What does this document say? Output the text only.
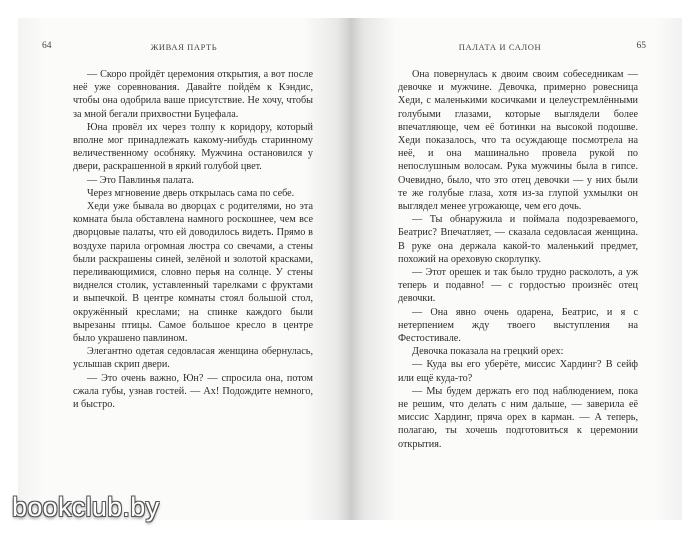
64	ЖИВАЯ ПАРТЬ

— Скоро пройдёт церемония открытия, а вот после неё уже соревнования. Давайте пойдём к Кэндис, чтобы она одобрила ваше присутствие. Не хочу, чтобы за мной бегали прихвостни Буцефала.

Юна провёл их через толпу к коридору, который вполне мог принадлежать какому-нибудь старинному величественному особняку. Мужчина остановился у двери, раскрашенной в яркий голубой цвет.

— Это Павлинья палата.

Через мгновение дверь открылась сама по себе.

Хеди уже бывала во дворцах с родителями, но эта комната была обставлена намного роскошнее, чем все дворцовые палаты, что ей доводилось видеть. Прямо в воздухе парила огромная люстра со свечами, а стены были раскрашены синей, зелёной и золотой красками, переливающимися, словно перья на солнце. У стены виднелся столик, уставленный тарелками с фруктами и выпечкой. В центре комнаты стоял большой стол, окружённый креслами; на спинке каждого были вырезаны птицы. Самое большое кресло в центре было украшено павлином.

Элегантно одетая седовласая женщина обернулась, услышав скрип двери.

— Это очень важно, Юн? — спросила она, потом сжала губы, узнав гостей. — Ах! Подождите немного, и быстро.

ПАЛАТА И САЛОН	65

Она повернулась к двоим своим собеседникам — девочке и мужчине. Девочка, примерно ровесница Хеди, с маленькими косичками и целеустремлёнными голубыми глазами, которые выглядели более впечатляюще, чем её ботинки на высокой подошве. Хеди показалось, что та осуждающе посмотрела на неё, и она машинально провела рукой по непослушным волосам. Рука мужчины была в гипсе. Очевидно, было, что это отец девочки — у них были те же голубые глаза, хотя из-за глупой ухмылки он выглядел менее угрожающе, чем его дочь.

— Ты обнаружила и поймала подозреваемого, Беатрис? Впечатляет, — сказала седовласая женщина. В руке она держала какой-то маленький предмет, похожий на ореховую скорлупку.

— Этот орешек и так было трудно расколоть, а уж теперь и подавно! — с гордостью произнёс отец девочки.

— Она явно очень одарена, Беатрис, и я с нетерпением жду твоего выступления на Фестостивале.

Девочка показала на грецкий орех:

— Куда вы его уберёте, миссис Хардинг? В сейф или ещё куда-то?

— Мы будем держать его под наблюдением, пока не решим, что делать с ним дальше, — заверила её миссис Хардинг, пряча орех в карман. — А теперь, полагаю, ты хочешь подготовиться к церемонии открытия.

bookclub.by
